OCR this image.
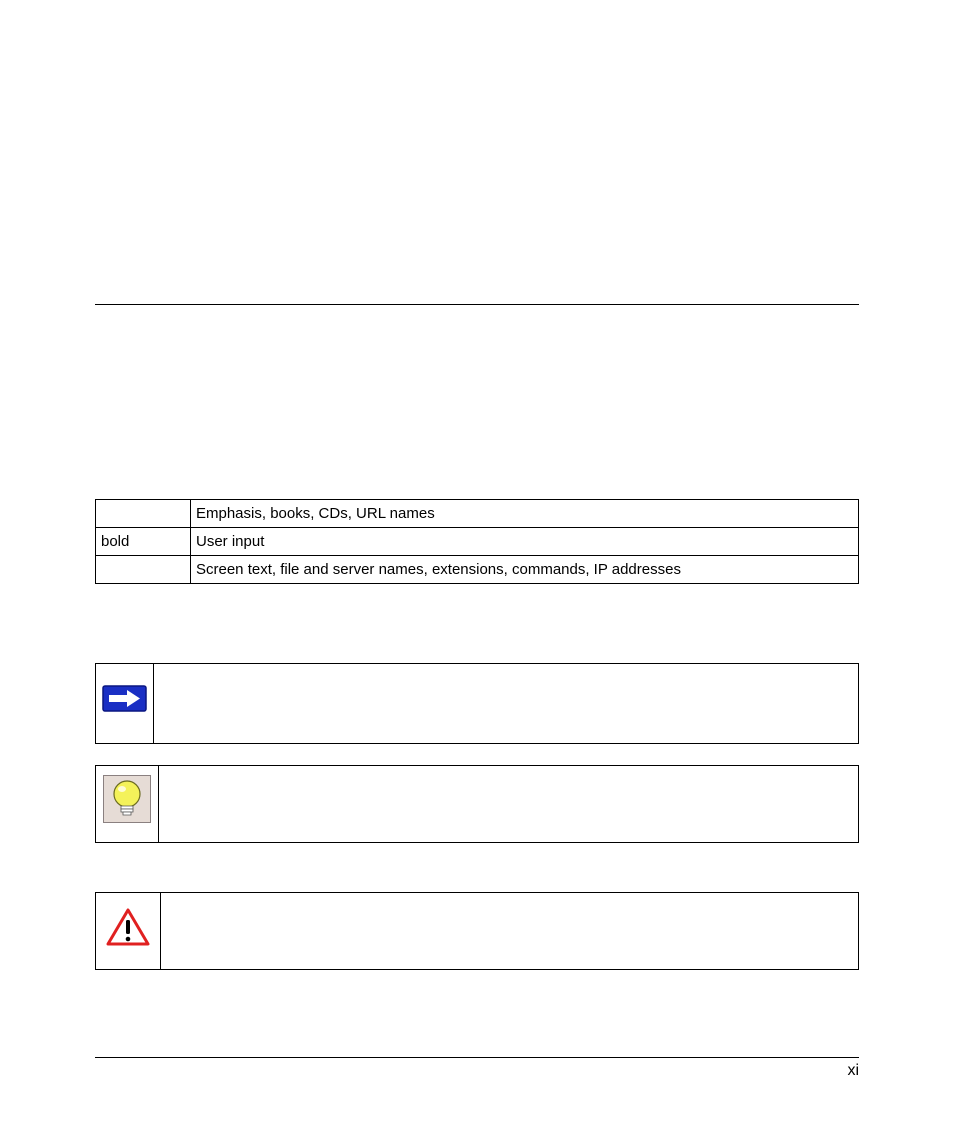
	Emphasis, books, CDs, URL names
bold	User input
	Screen text, file and server names, extensions, commands, IP addresses
xi
